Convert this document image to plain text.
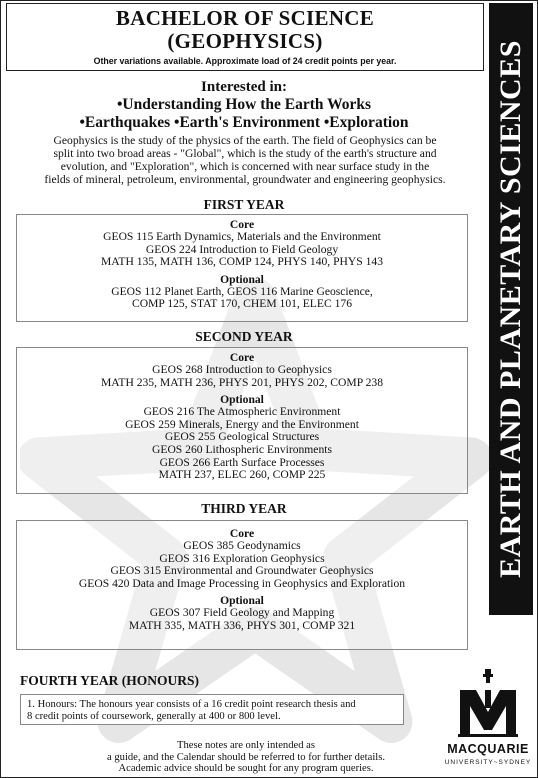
BACHELOR OF SCIENCE
(GEOPHYSICS)
Other variations available. Approximate load of 24 credit points per year.	EARTH AND PLANETARY SCIENCES
Interested in:
•Understanding How the Earth Works
•Earthquakes •Earth's Environment •Exploration
Geophysics is the study of the physics of the earth. The field of Geophysics can be
split into two broad areas - "Global", which is the study of the earth's structure and
evolution, and "Exploration", which is concerned with near surface study in the
fields of mineral, petroleum, environmental, groundwater and engineering geophysics.
FIRST YEAR
Core
GEOS 115 Earth Dynamics, Materials and the Environment
GEOS 224 Introduction to Field Geology
MATH 135, MATH 136, COMP 124, PHYS 140, PHYS 143
Optional
GEOS 112 Planet Earth, GEOS 116 Marine Geoscience,
COMP 125, STAT 170, CHEM 101, ELEC 176
SECOND YEAR
Core
GEOS 268 Introduction to Geophysics
MATH 235, MATH 236, PHYS 201, PHYS 202, COMP 238
Optional
GEOS 216 The Atmospheric Environment
GEOS 259 Minerals, Energy and the Environment
GEOS 255 Geological Structures
GEOS 260 Lithospheric Environments
GEOS 266 Earth Surface Processes
MATH 237, ELEC 260, COMP 225
THIRD YEAR
Core
GEOS 385 Geodynamics
GEOS 316 Exploration Geophysics
GEOS 315 Environmental and Groundwater Geophysics
GEOS 420 Data and Image Processing in Geophysics and Exploration
Optional
GEOS 307 Field Geology and Mapping
MATH 335, MATH 336, PHYS 301, COMP 321
FOURTH YEAR (HONOURS)
1. Honours: The honours year consists of a 16 credit point research thesis and
8 credit points of coursework, generally at 400 or 800 level.
These notes are only intended as
a guide, and the Calendar should be referred to for further details.
Academic advice should be sought for any program queries.
MACQUARIE
UNIVERSITY~SYDNEY
